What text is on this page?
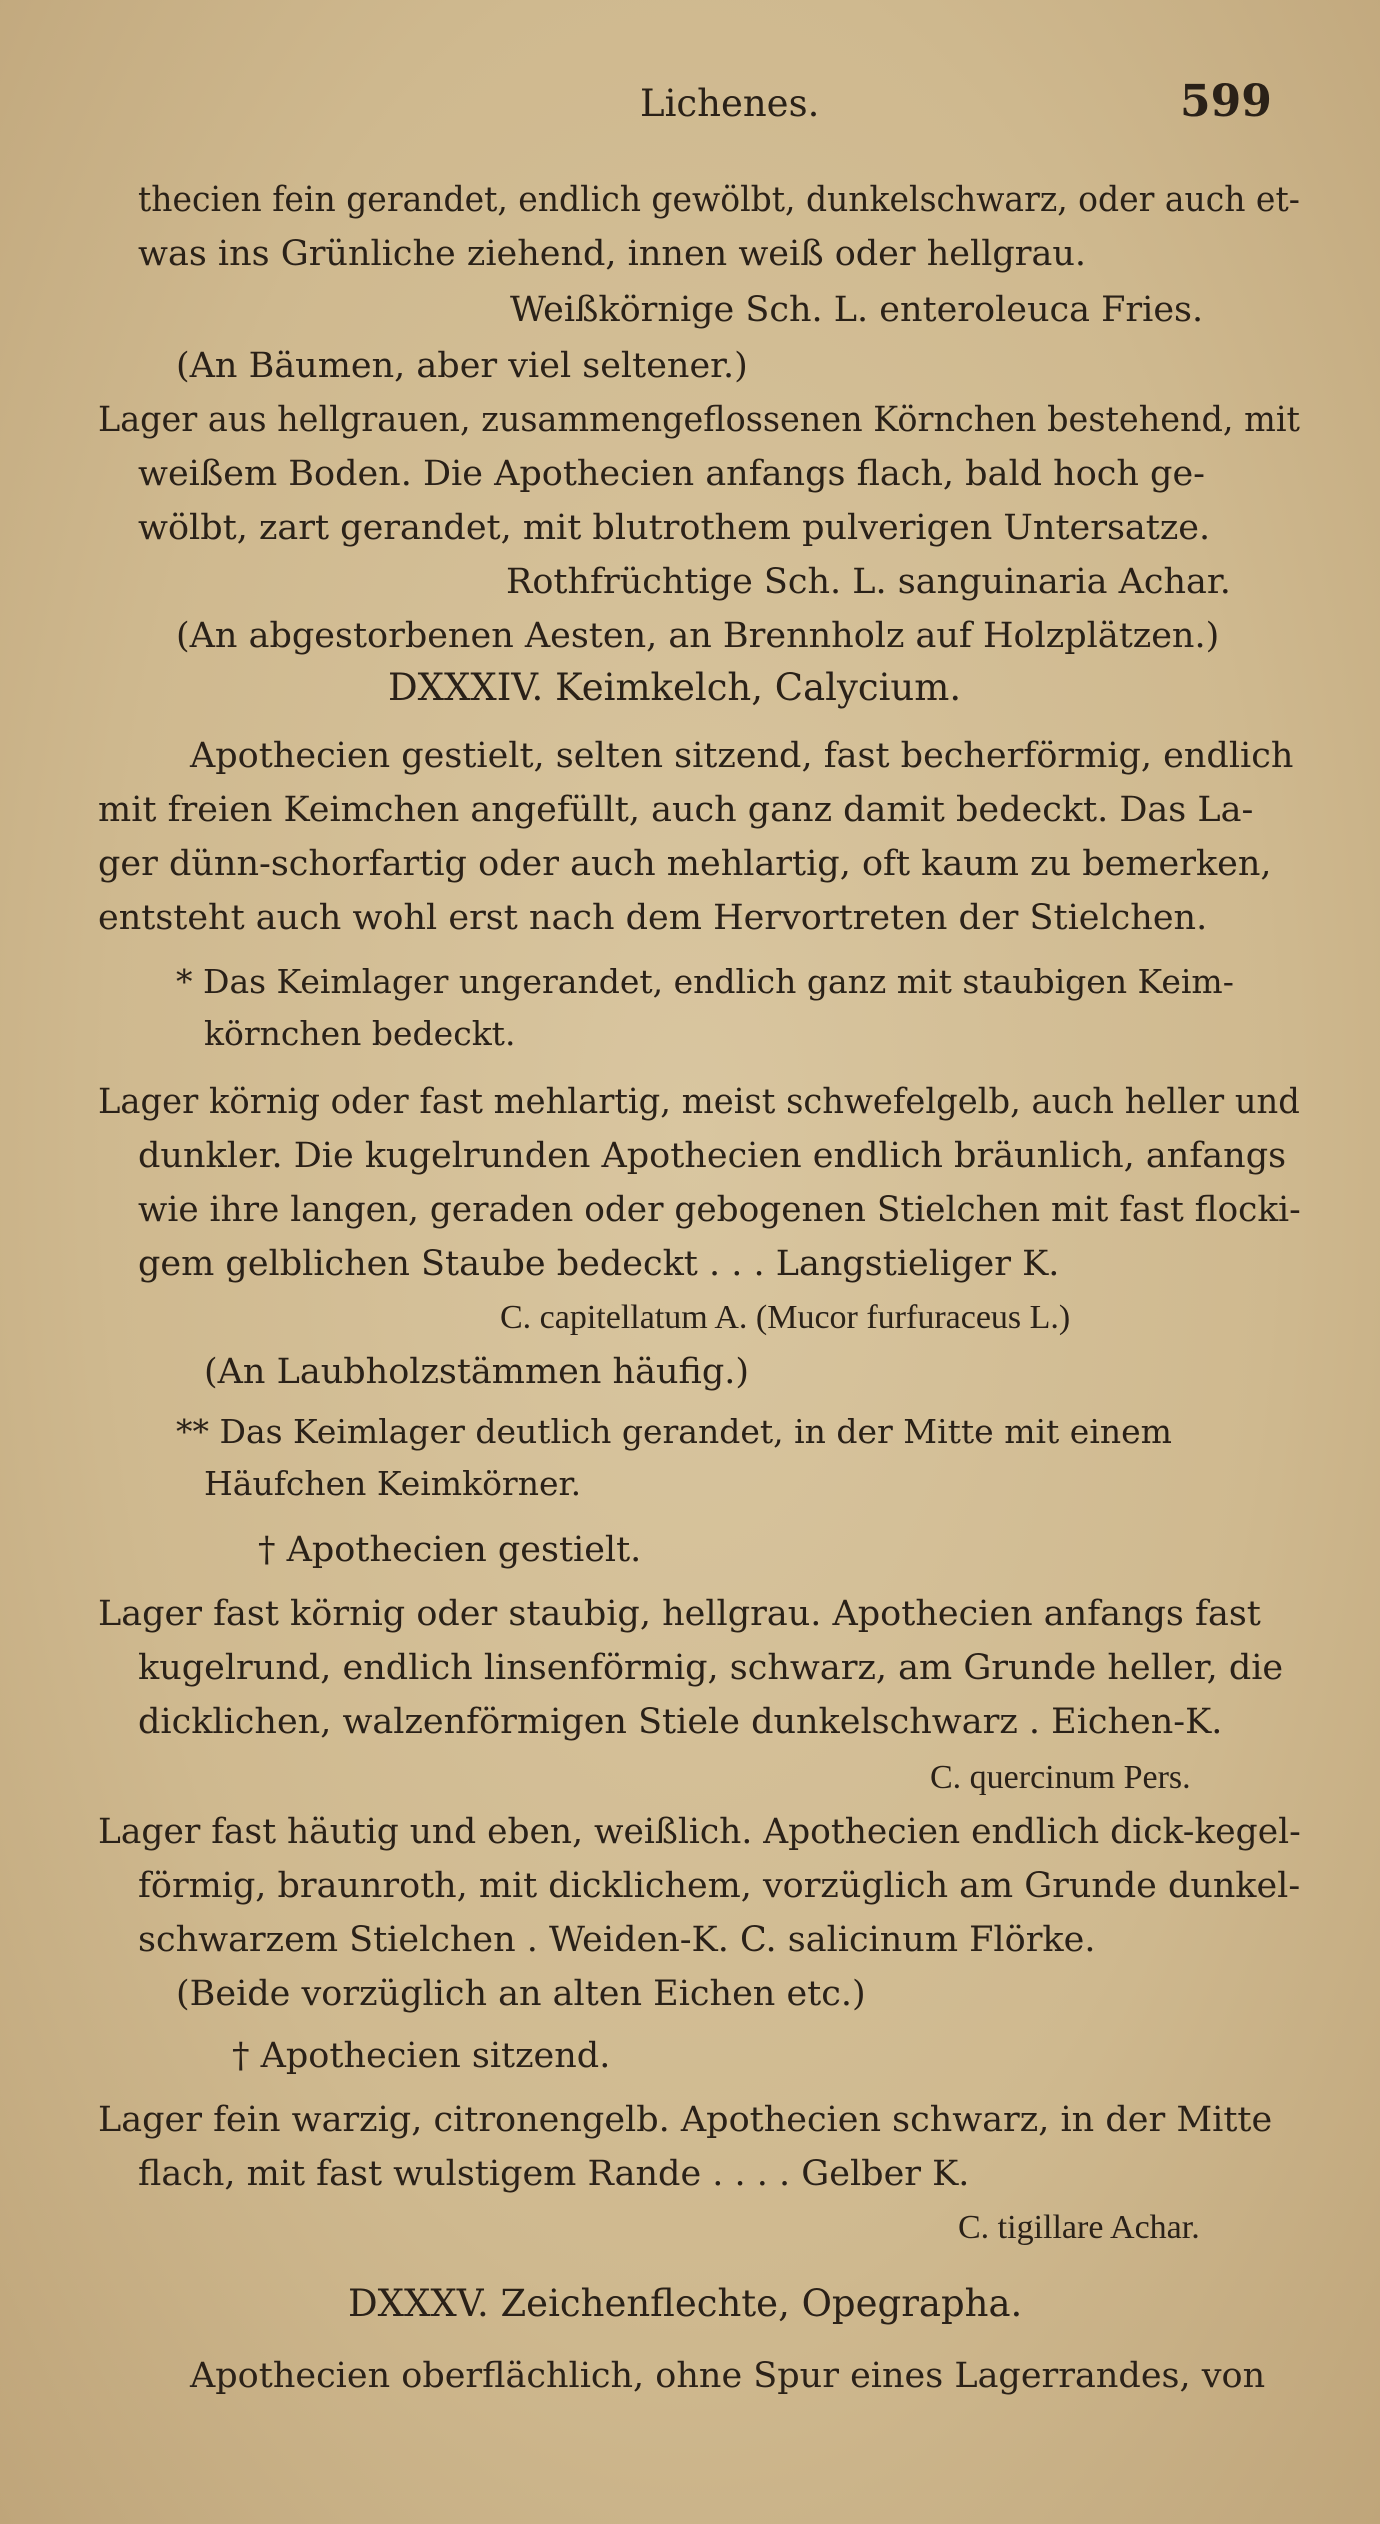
Lichenes.	599
thecien fein gerandet, endlich gewölbt, dunkelschwarz, oder auch et-
was ins Grünliche ziehend, innen weiß oder hellgrau.
Weißkörnige Sch. L. enteroleuca Fries.
(An Bäumen, aber viel seltener.)
Lager aus hellgrauen, zusammengeflossenen Körnchen bestehend, mit
weißem Boden. Die Apothecien anfangs flach, bald hoch ge-
wölbt, zart gerandet, mit blutrothem pulverigen Untersatze.
Rothfrüchtige Sch. L. sanguinaria Achar.
(An abgestorbenen Aesten, an Brennholz auf Holzplätzen.)
DXXXIV. Keimkelch, Calycium.
Apothecien gestielt, selten sitzend, fast becherförmig, endlich
mit freien Keimchen angefüllt, auch ganz damit bedeckt. Das La-
ger dünn-schorfartig oder auch mehlartig, oft kaum zu bemerken,
entsteht auch wohl erst nach dem Hervortreten der Stielchen.
* Das Keimlager ungerandet, endlich ganz mit staubigen Keim-
körnchen bedeckt.
Lager körnig oder fast mehlartig, meist schwefelgelb, auch heller und
dunkler. Die kugelrunden Apothecien endlich bräunlich, anfangs
wie ihre langen, geraden oder gebogenen Stielchen mit fast flocki-
gem gelblichen Staube bedeckt . . . Langstieliger K.
C. capitellatum A. (Mucor furfuraceus L.)
(An Laubholzstämmen häufig.)
** Das Keimlager deutlich gerandet, in der Mitte mit einem
Häufchen Keimkörner.
† Apothecien gestielt.
Lager fast körnig oder staubig, hellgrau. Apothecien anfangs fast
kugelrund, endlich linsenförmig, schwarz, am Grunde heller, die
dicklichen, walzenförmigen Stiele dunkelschwarz . Eichen-K.
C. quercinum Pers.
Lager fast häutig und eben, weißlich. Apothecien endlich dick-kegel-
förmig, braunroth, mit dicklichem, vorzüglich am Grunde dunkel-
schwarzem Stielchen . Weiden-K. C. salicinum Flörke.
(Beide vorzüglich an alten Eichen etc.)
† Apothecien sitzend.
Lager fein warzig, citronengelb. Apothecien schwarz, in der Mitte
flach, mit fast wulstigem Rande . . . . Gelber K.
C. tigillare Achar.
DXXXV. Zeichenflechte, Opegrapha.
Apothecien oberflächlich, ohne Spur eines Lagerrandes, von
